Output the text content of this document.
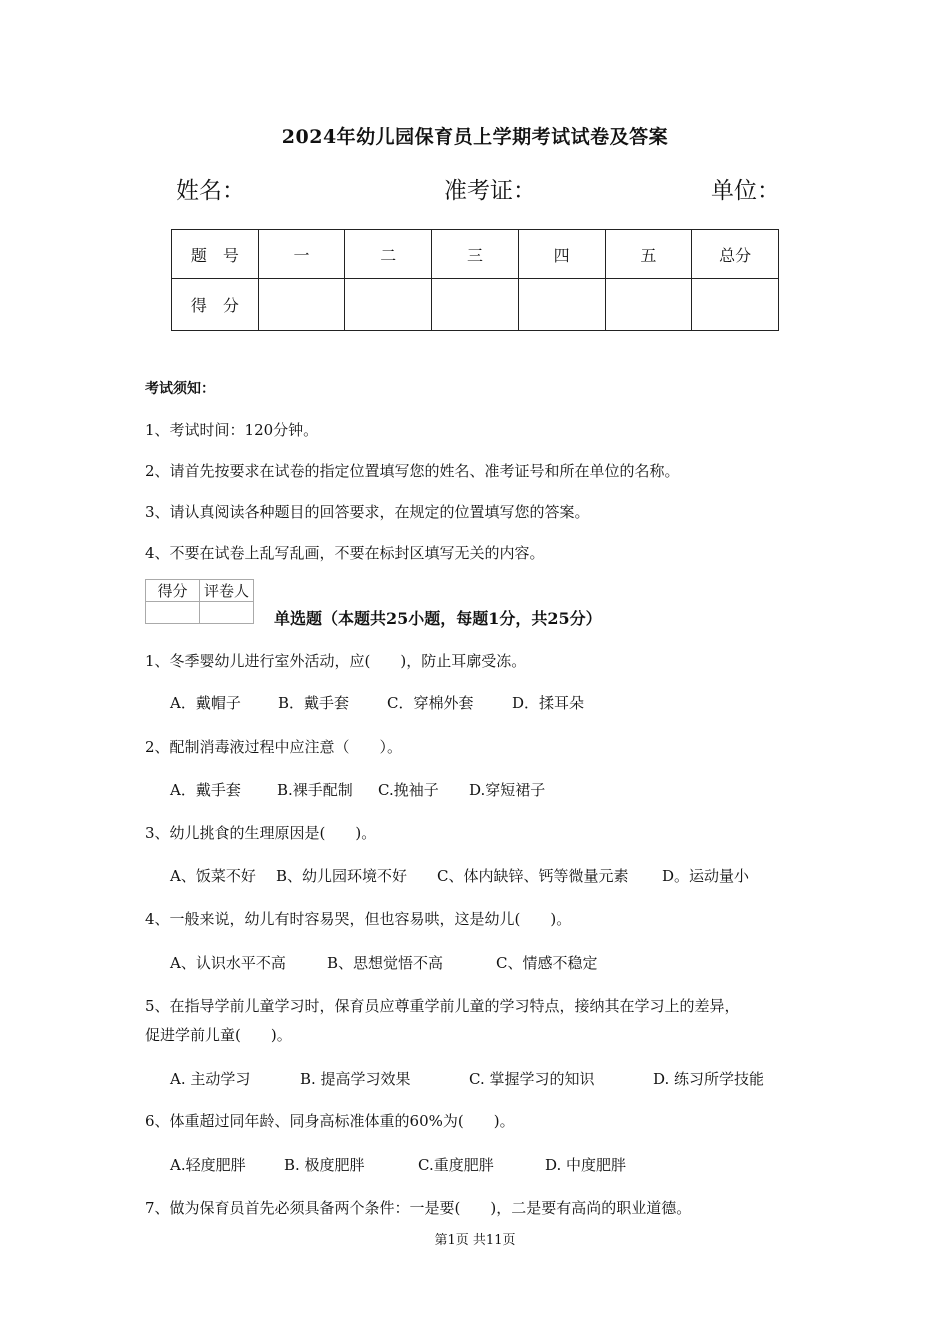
2024年幼儿园保育员上学期考试试卷及答案
姓名：	准考证：	单位：
题　号	一	二	三	四	五	总分
得　分						
考试须知：
1、考试时间：120分钟。
2、请首先按要求在试卷的指定位置填写您的姓名、准考证号和所在单位的名称。
3、请认真阅读各种题目的回答要求，在规定的位置填写您的答案。
4、不要在试卷上乱写乱画，不要在标封区填写无关的内容。
得分	评卷人

单选题（本题共25小题，每题1分，共25分）
1、冬季婴幼儿进行室外活动，应(　　)，防止耳廓受冻。
A．戴帽子 B．戴手套	C．穿棉外套	D．揉耳朵
2、配制消毒液过程中应注意（　　）。
A．戴手套 B.裸手配制 C.挽袖子 D.穿短裙子
3、幼儿挑食的生理原因是(　　)。
A、饭菜不好 B、幼儿园环境不好 C、体内缺锌、钙等微量元素 D。运动量小
4、一般来说，幼儿有时容易哭，但也容易哄，这是幼儿(　　)。
A、认识水平不高	B、思想觉悟不高	C、情感不稳定
5、在指导学前儿童学习时，保育员应尊重学前儿童的学习特点，接纳其在学习上的差异，
促进学前儿童(　　)。
A. 主动学习	B. 提高学习效果	C. 掌握学习的知识	D. 练习所学技能
6、体重超过同年龄、同身高标准体重的60%为(　　)。
A.轻度肥胖	B. 极度肥胖	C.重度肥胖	D. 中度肥胖
7、做为保育员首先必须具备两个条件：一是要(　　)，二是要有高尚的职业道德。
第1页 共11页
